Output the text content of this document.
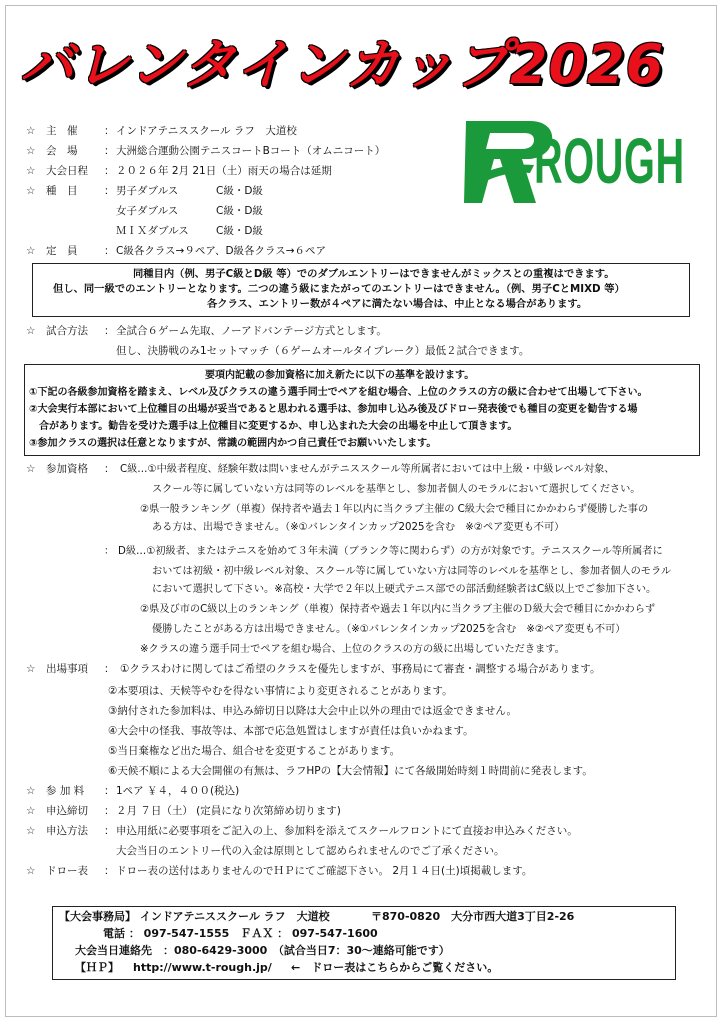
バレンタインカップ2026
ROUGH
☆ 主　催	： インドアテニススクール ラフ　大道校
☆ 会　場	： 大洲総合運動公園テニスコートBコート（オムニコート）
☆ 大会日程 ： ２０２６年 2月 21日（土）雨天の場合は延期
☆ 種　目	： 男子ダブルス	C級・D級
女子ダブルス	C級・D級
ＭＩＸダブルス	C級・D級
☆ 定　員	： C級各クラス→９ペア、D級各クラス→６ペア
同種目内（例、男子C級とD級 等）でのダブルエントリーはできませんがミックスとの重複はできます。
但し、同一級でのエントリーとなります。二つの違う級にまたがってのエントリーはできません。（例、男子CとMIXD 等）
各クラス、エントリー数が４ペアに満たない場合は、中止となる場合があります。
☆ 試合方法 ： 全試合６ゲーム先取、ノーアドバンテージ方式とします。
但し、決勝戦のみ1セットマッチ（６ゲームオールタイブレーク）最低２試合できます。
要項内記載の参加資格に加え新たに以下の基準を設けます。
①下記の各級参加資格を踏まえ、レベル及びクラスの違う選手同士でペアを組む場合、上位のクラスの方の級に合わせて出場して下さい。
②大会実行本部において上位種目の出場が妥当であると思われる選手は、参加申し込み後及びドロー発表後でも種目の変更を勧告する場
合があります。勧告を受けた選手は上位種目に変更するか、申し込まれた大会の出場を中止して頂きます。
③参加クラスの選択は任意となりますが、常識の範囲内かつ自己責任でお願いいたします。
☆ 参加資格 ： C級…①中級者程度、経験年数は問いませんがテニススクール等所属者においては中上級・中級レベル対象、
スクール等に属していない方は同等のレベルを基準とし、参加者個人のモラルにおいて選択してください。
②県一般ランキング（単複）保持者や過去１年以内に当クラブ主催の C級大会で種目にかかわらず優勝した事の
ある方は、出場できません。（※①バレンタインカップ2025を含む　※②ペア変更も不可）
： D級…①初級者、またはテニスを始めて３年未満（ブランク等に関わらず）の方が対象です。テニススクール等所属者に
おいては初級・初中級レベル対象、スクール等に属していない方は同等のレベルを基準とし、参加者個人のモラル
において選択して下さい。※高校・大学で２年以上硬式テニス部での部活動経験者はC級以上でご参加下さい。
②県及び市のC級以上のランキング（単複）保持者や過去１年以内に当クラブ主催のＤ級大会で種目にかかわらず
優勝したことがある方は出場できません。（※①バレンタインカップ2025を含む　※②ペア変更も不可）
※クラスの違う選手同士でペアを組む場合、上位のクラスの方の級に出場していただきます。
☆ 出場事項 ： ①クラスわけに関してはご希望のクラスを優先しますが、事務局にて審査・調整する場合があります。
②本要項は、天候等やむを得ない事情により変更されることがあります。
③納付された参加料は、申込み締切日以降は大会中止以外の理由では返金できません。
④大会中の怪我、事故等は、本部で応急処置はしますが責任は負いかねます。
⑤当日棄権など出た場合、組合せを変更することがあります。
⑥天候不順による大会開催の有無は、ラフHPの【大会情報】にて各級開始時刻１時間前に発表します。
☆ 参 加 料 ： 1ペア ￥４，４００(税込)
☆ 申込締切 ： ２月 ７日（土） (定員になり次第締め切ります)
☆ 申込方法 ： 申込用紙に必要事項をご記入の上、参加料を添えてスクールフロントにて直接お申込みください。
大会当日のエントリー代の入金は原則として認められませんのでご了承ください。
☆ ドロー表 ： ドロー表の送付はありませんのでＨＰにてご確認下さい。 2月１４日(土)頃掲載します。
【大会事務局】 インドアテニススクール ラフ　大道校	〒870-0820　大分市西大道3丁目2-26
電話 ： 097-547-1555　ＦＡＸ ： 097-547-1600
大会当日連絡先　：080-6429-3000　（試合当日7：30～連絡可能です）
【ＨＰ】 http://www.t-rough.jp/ ←　ドロー表はこちらからご覧ください。
